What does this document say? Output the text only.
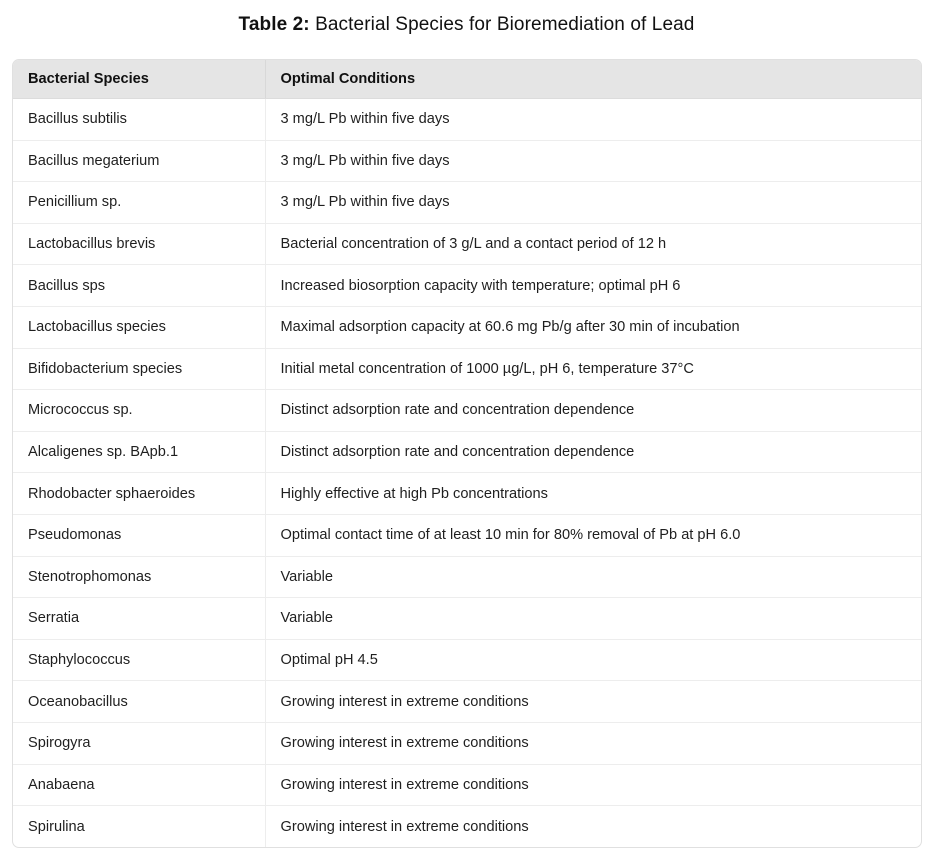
Table 2: Bacterial Species for Bioremediation of Lead
Bacterial Species	Optimal Conditions
Bacillus subtilis	3 mg/L Pb within five days
Bacillus megaterium	3 mg/L Pb within five days
Penicillium sp.	3 mg/L Pb within five days
Lactobacillus brevis	Bacterial concentration of 3 g/L and a contact period of 12 h
Bacillus sps	Increased biosorption capacity with temperature; optimal pH 6
Lactobacillus species	Maximal adsorption capacity at 60.6 mg Pb/g after 30 min of incubation
Bifidobacterium species	Initial metal concentration of 1000 µg/L, pH 6, temperature 37°C
Micrococcus sp.	Distinct adsorption rate and concentration dependence
Alcaligenes sp. BApb.1	Distinct adsorption rate and concentration dependence
Rhodobacter sphaeroides	Highly effective at high Pb concentrations
Pseudomonas	Optimal contact time of at least 10 min for 80% removal of Pb at pH 6.0
Stenotrophomonas	Variable
Serratia	Variable
Staphylococcus	Optimal pH 4.5
Oceanobacillus	Growing interest in extreme conditions
Spirogyra	Growing interest in extreme conditions
Anabaena	Growing interest in extreme conditions
Spirulina	Growing interest in extreme conditions
